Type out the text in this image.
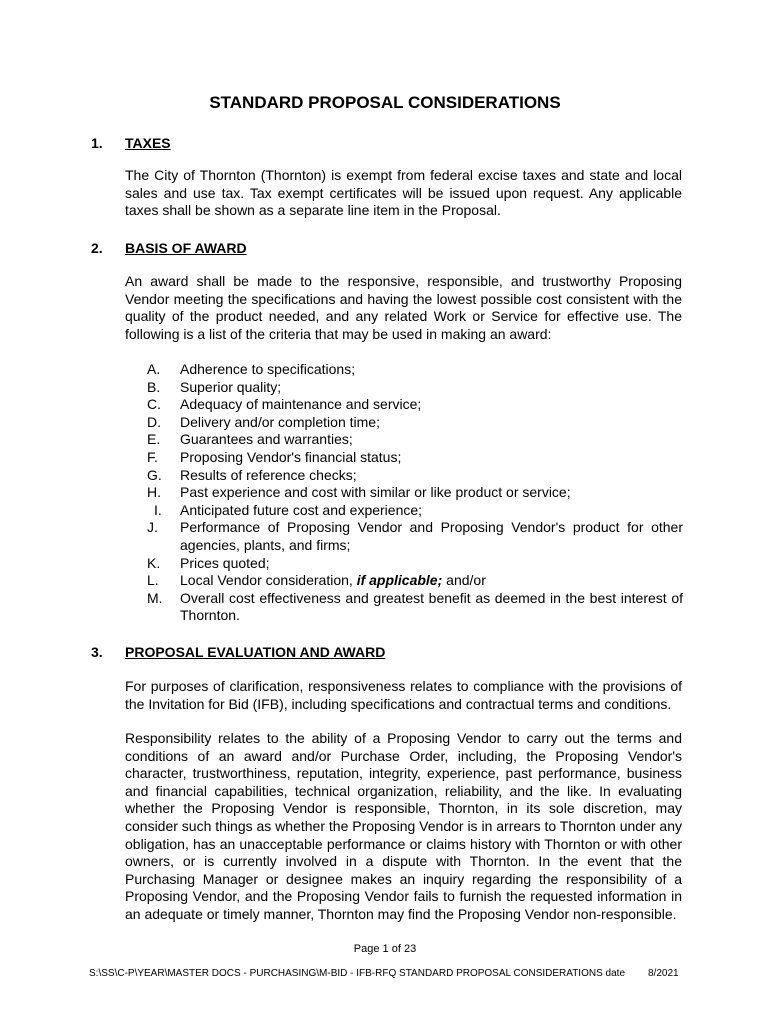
STANDARD PROPOSAL CONSIDERATIONS
1. TAXES
The City of Thornton (Thornton) is exempt from federal excise taxes and state and local sales and use tax. Tax exempt certificates will be issued upon request. Any applicable taxes shall be shown as a separate line item in the Proposal.
2. BASIS OF AWARD
An award shall be made to the responsive, responsible, and trustworthy Proposing Vendor meeting the specifications and having the lowest possible cost consistent with the quality of the product needed, and any related Work or Service for effective use. The following is a list of the criteria that may be used in making an award:
A.	Adherence to specifications;
B.	Superior quality;
C.	Adequacy of maintenance and service;
D.	Delivery and/or completion time;
E.	Guarantees and warranties;
F.	Proposing Vendor's financial status;
G.	Results of reference checks;
H.	Past experience and cost with similar or like product or service;
I.	Anticipated future cost and experience;
J.	Performance of Proposing Vendor and Proposing Vendor's product for other agencies, plants, and firms;
K.	Prices quoted;
L.	Local Vendor consideration, if applicable; and/or
M.	Overall cost effectiveness and greatest benefit as deemed in the best interest of Thornton.
3. PROPOSAL EVALUATION AND AWARD
For purposes of clarification, responsiveness relates to compliance with the provisions of the Invitation for Bid (IFB), including specifications and contractual terms and conditions.
Responsibility relates to the ability of a Proposing Vendor to carry out the terms and conditions of an award and/or Purchase Order, including, the Proposing Vendor's character, trustworthiness, reputation, integrity, experience, past performance, business and financial capabilities, technical organization, reliability, and the like. In evaluating whether the Proposing Vendor is responsible, Thornton, in its sole discretion, may consider such things as whether the Proposing Vendor is in arrears to Thornton under any obligation, has an unacceptable performance or claims history with Thornton or with other owners, or is currently involved in a dispute with Thornton. In the event that the Purchasing Manager or designee makes an inquiry regarding the responsibility of a Proposing Vendor, and the Proposing Vendor fails to furnish the requested information in an adequate or timely manner, Thornton may find the Proposing Vendor non-responsible.
Page 1 of 23
S:\SS\C-P\YEAR\MASTER DOCS - PURCHASING\M-BID - IFB-RFQ STANDARD PROPOSAL CONSIDERATIONS date 8/2021
